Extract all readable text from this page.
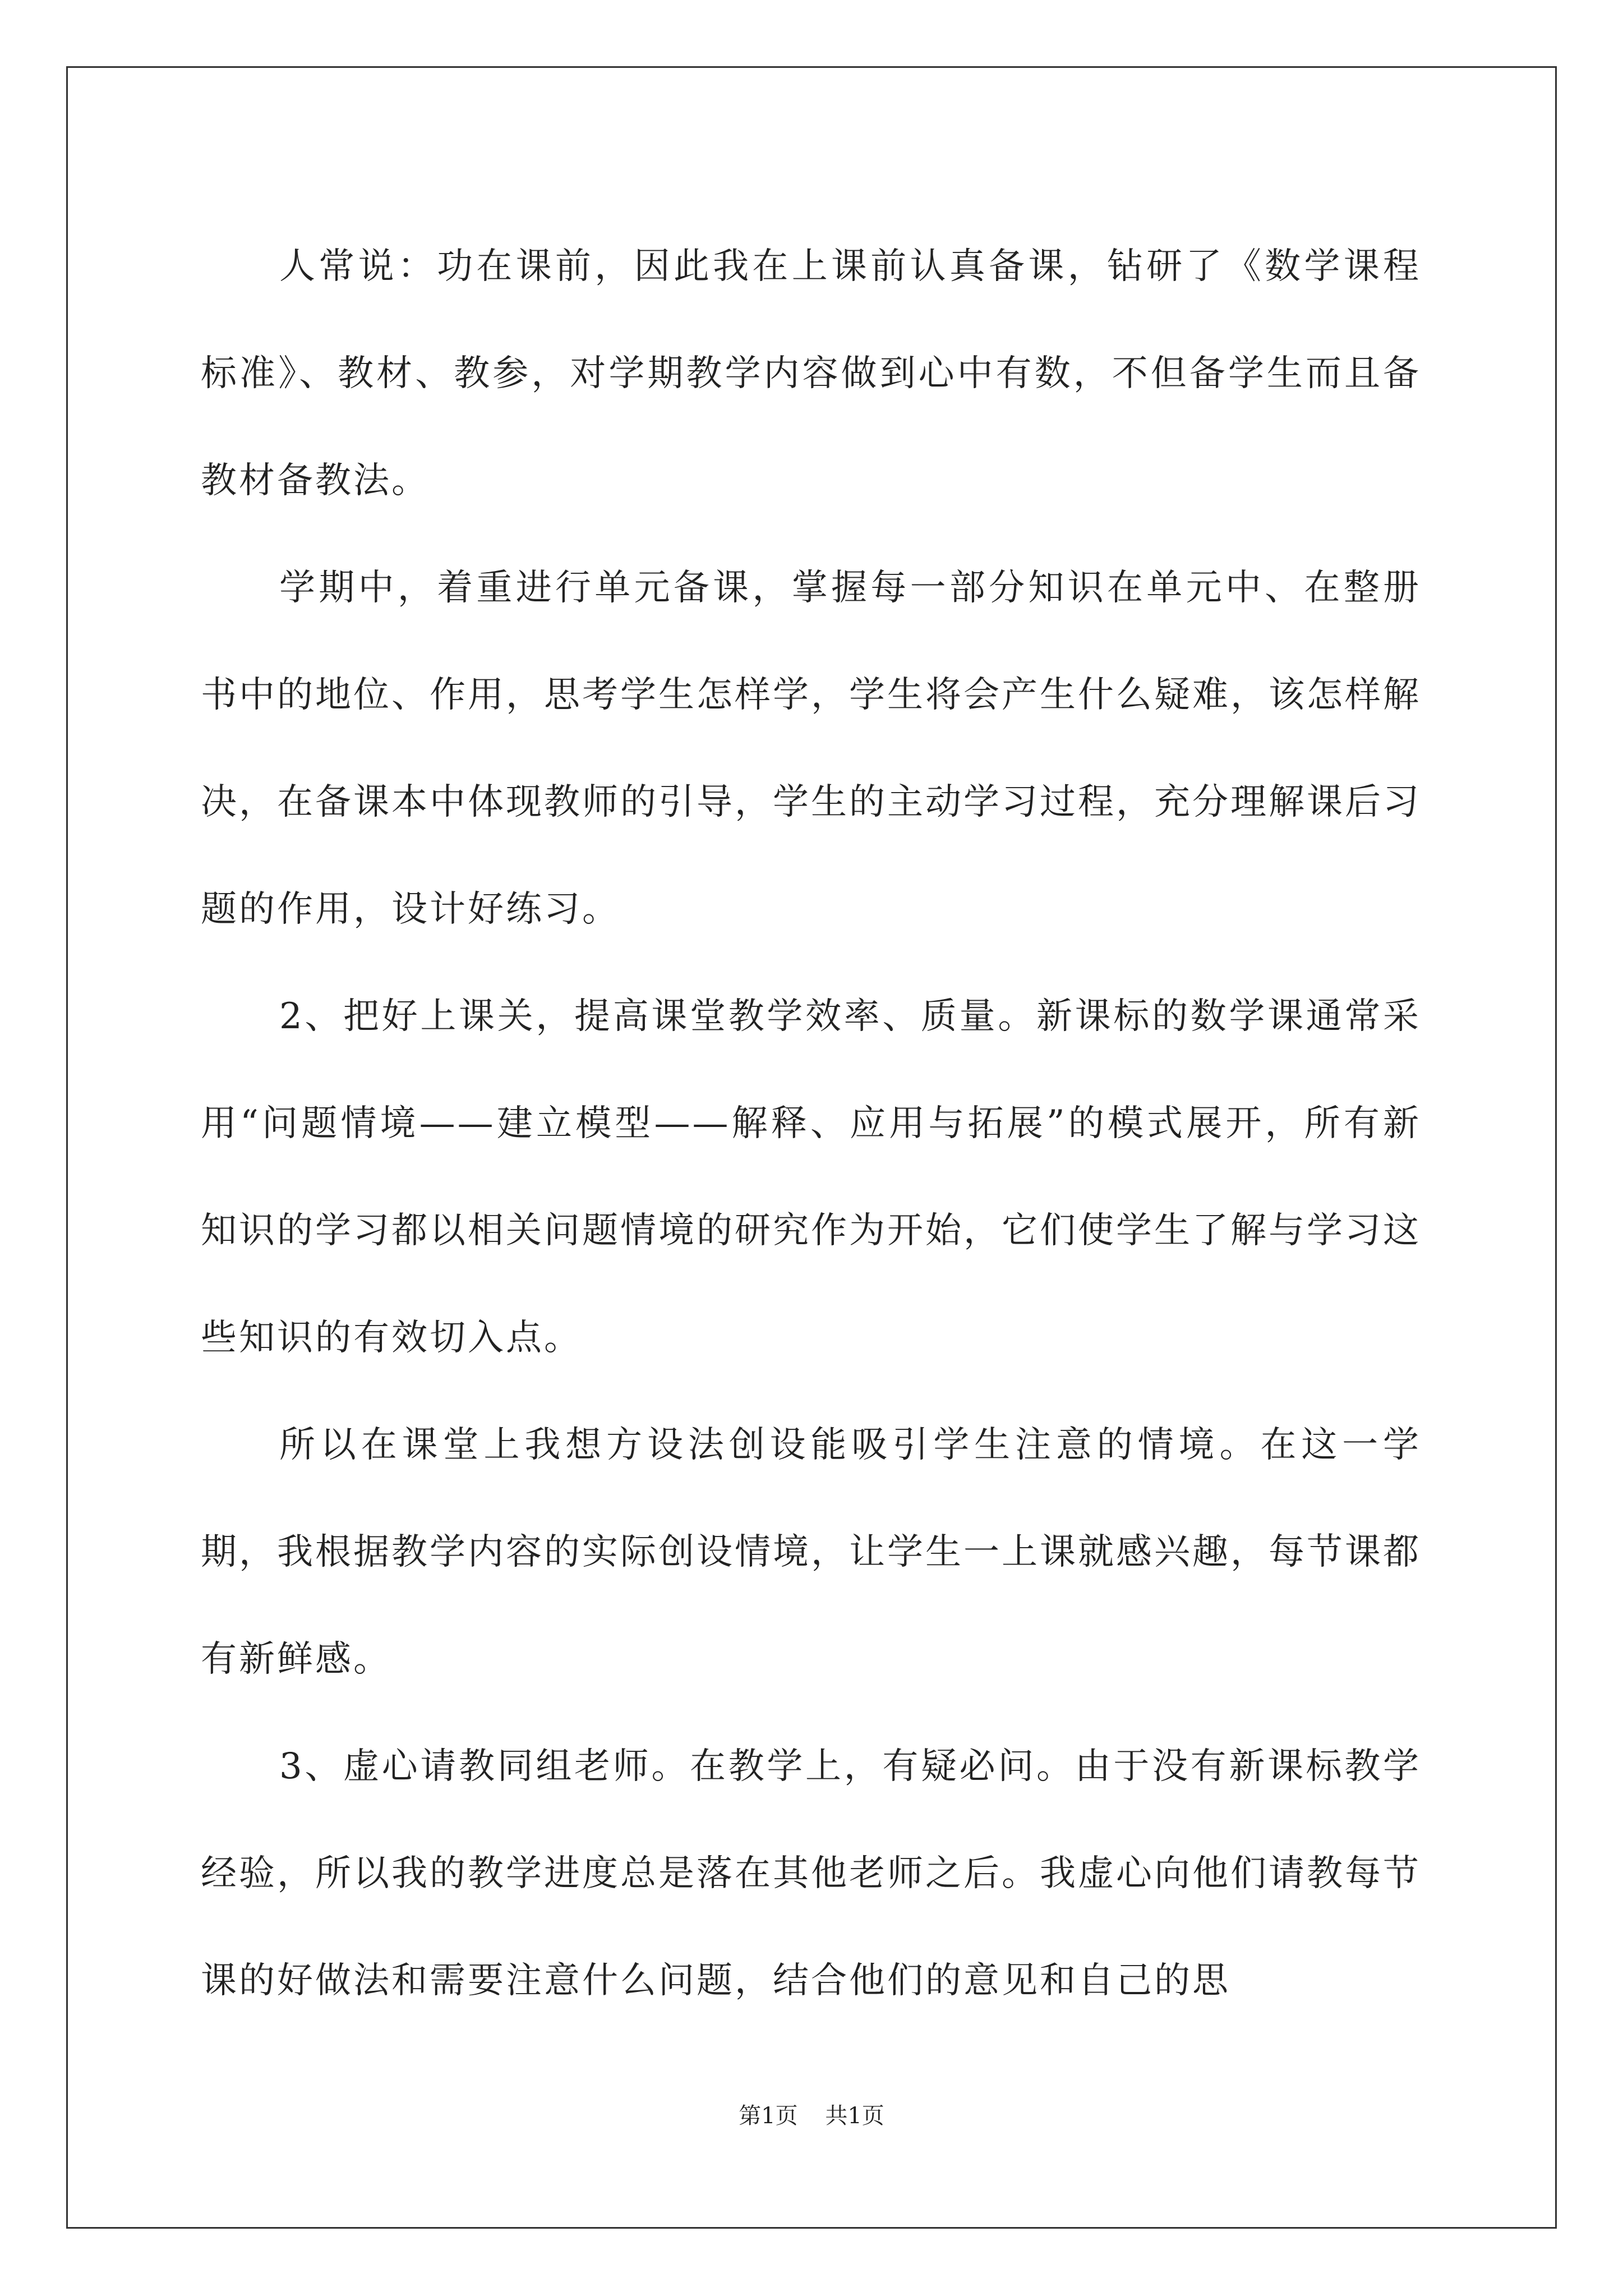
人常说：功在课前，因此我在上课前认真备课，钻研了《数学课程标准》、教材、教参，对学期教学内容做到心中有数，不但备学生而且备教材备教法。

学期中，着重进行单元备课，掌握每一部分知识在单元中、在整册书中的地位、作用，思考学生怎样学，学生将会产生什么疑难，该怎样解决，在备课本中体现教师的引导，学生的主动学习过程，充分理解课后习题的作用，设计好练习。

2、把好上课关，提高课堂教学效率、质量。新课标的数学课通常采用“问题情境——建立模型——解释、应用与拓展”的模式展开，所有新知识的学习都以相关问题情境的研究作为开始，它们使学生了解与学习这些知识的有效切入点。

所以在课堂上我想方设法创设能吸引学生注意的情境。在这一学期，我根据教学内容的实际创设情境，让学生一上课就感兴趣，每节课都有新鲜感。

3、虚心请教同组老师。在教学上，有疑必问。由于没有新课标教学经验，所以我的教学进度总是落在其他老师之后。我虚心向他们请教每节课的好做法和需要注意什么问题，结合他们的意见和自己的思

第1页 共1页
